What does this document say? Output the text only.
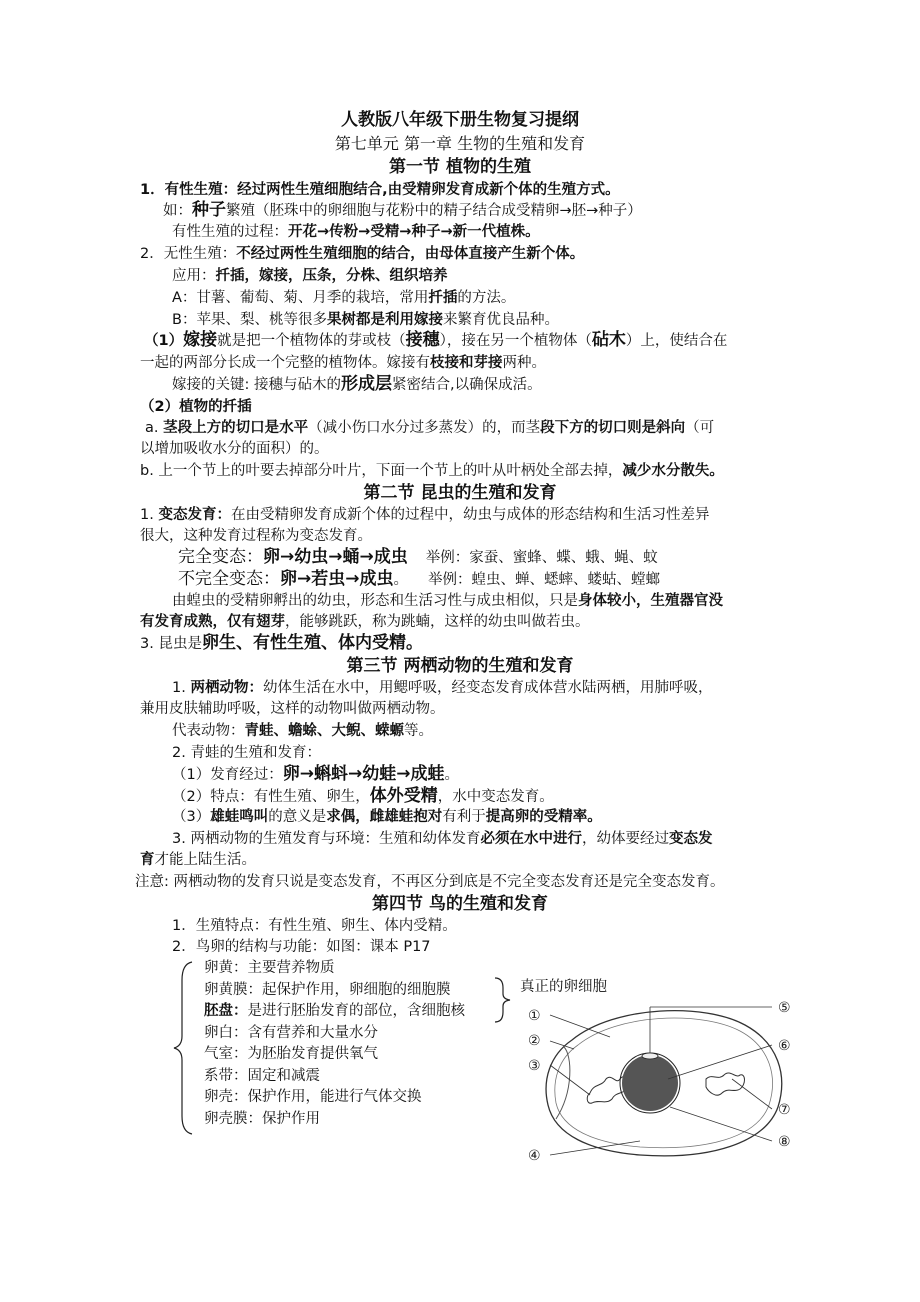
人教版八年级下册生物复习提纲
第七单元 第一章 生物的生殖和发育
第一节 植物的生殖
1．有性生殖：经过两性生殖细胞结合,由受精卵发育成新个体的生殖方式。
如：种子繁殖（胚珠中的卵细胞与花粉中的精子结合成受精卵→胚→种子）
有性生殖的过程：开花→传粉→受精→种子→新一代植株。
2．无性生殖：不经过两性生殖细胞的结合，由母体直接产生新个体。
应用：扦插，嫁接，压条，分株、组织培养
A：甘薯、葡萄、菊、月季的栽培，常用扦插的方法。
B：苹果、梨、桃等很多果树都是利用嫁接来繁育优良品种。
（1）嫁接就是把一个植物体的芽或枝（接穗），接在另一个植物体（砧木）上，使结合在
一起的两部分长成一个完整的植物体。嫁接有枝接和芽接两种。
嫁接的关键: 接穗与砧木的形成层紧密结合,以确保成活。
（2）植物的扦插
a. 茎段上方的切口是水平（减小伤口水分过多蒸发）的，而茎段下方的切口则是斜向（可
以增加吸收水分的面积）的。
b. 上一个节上的叶要去掉部分叶片，下面一个节上的叶从叶柄处全部去掉，减少水分散失。
第二节 昆虫的生殖和发育
1. 变态发育：在由受精卵发育成新个体的过程中，幼虫与成体的形态结构和生活习性差异
很大，这种发育过程称为变态发育。
完全变态：卵→幼虫→蛹→成虫 举例：家蚕、蜜蜂、蝶、蛾、蝇、蚊
不完全变态：卵→若虫→成虫。 举例：蝗虫、蝉、蟋蟀、蝼蛄、螳螂
由蝗虫的受精卵孵出的幼虫，形态和生活习性与成虫相似，只是身体较小，生殖器官没
有发育成熟，仅有翅芽，能够跳跃，称为跳蝻，这样的幼虫叫做若虫。
3. 昆虫是卵生、有性生殖、体内受精。
第三节 两栖动物的生殖和发育
1. 两栖动物：幼体生活在水中，用鳃呼吸，经变态发育成体营水陆两栖，用肺呼吸，
兼用皮肤辅助呼吸，这样的动物叫做两栖动物。
代表动物：青蛙、蟾蜍、大鲵、蝾螈等。
2. 青蛙的生殖和发育：
（1）发育经过：卵→蝌蚪→幼蛙→成蛙。
（2）特点：有性生殖、卵生，体外受精，水中变态发育。
（3）雄蛙鸣叫的意义是求偶，雌雄蛙抱对有利于提高卵的受精率。
3. 两栖动物的生殖发育与环境：生殖和幼体发育必须在水中进行，幼体要经过变态发
育才能上陆生活。
注意: 两栖动物的发育只说是变态发育，不再区分到底是不完全变态发育还是完全变态发育。
第四节 鸟的生殖和发育
1．生殖特点：有性生殖、卵生、体内受精。
2．鸟卵的结构与功能：如图：课本 P17
卵黄：主要营养物质
卵黄膜：起保护作用，卵细胞的细胞膜
胚盘：是进行胚胎发育的部位，含细胞核
卵白：含有营养和大量水分
气室：为胚胎发育提供氧气
系带：固定和减震
卵壳：保护作用，能进行气体交换
卵壳膜：保护作用
真正的卵细胞
①
②
③
④
⑤
⑥
⑦
⑧
